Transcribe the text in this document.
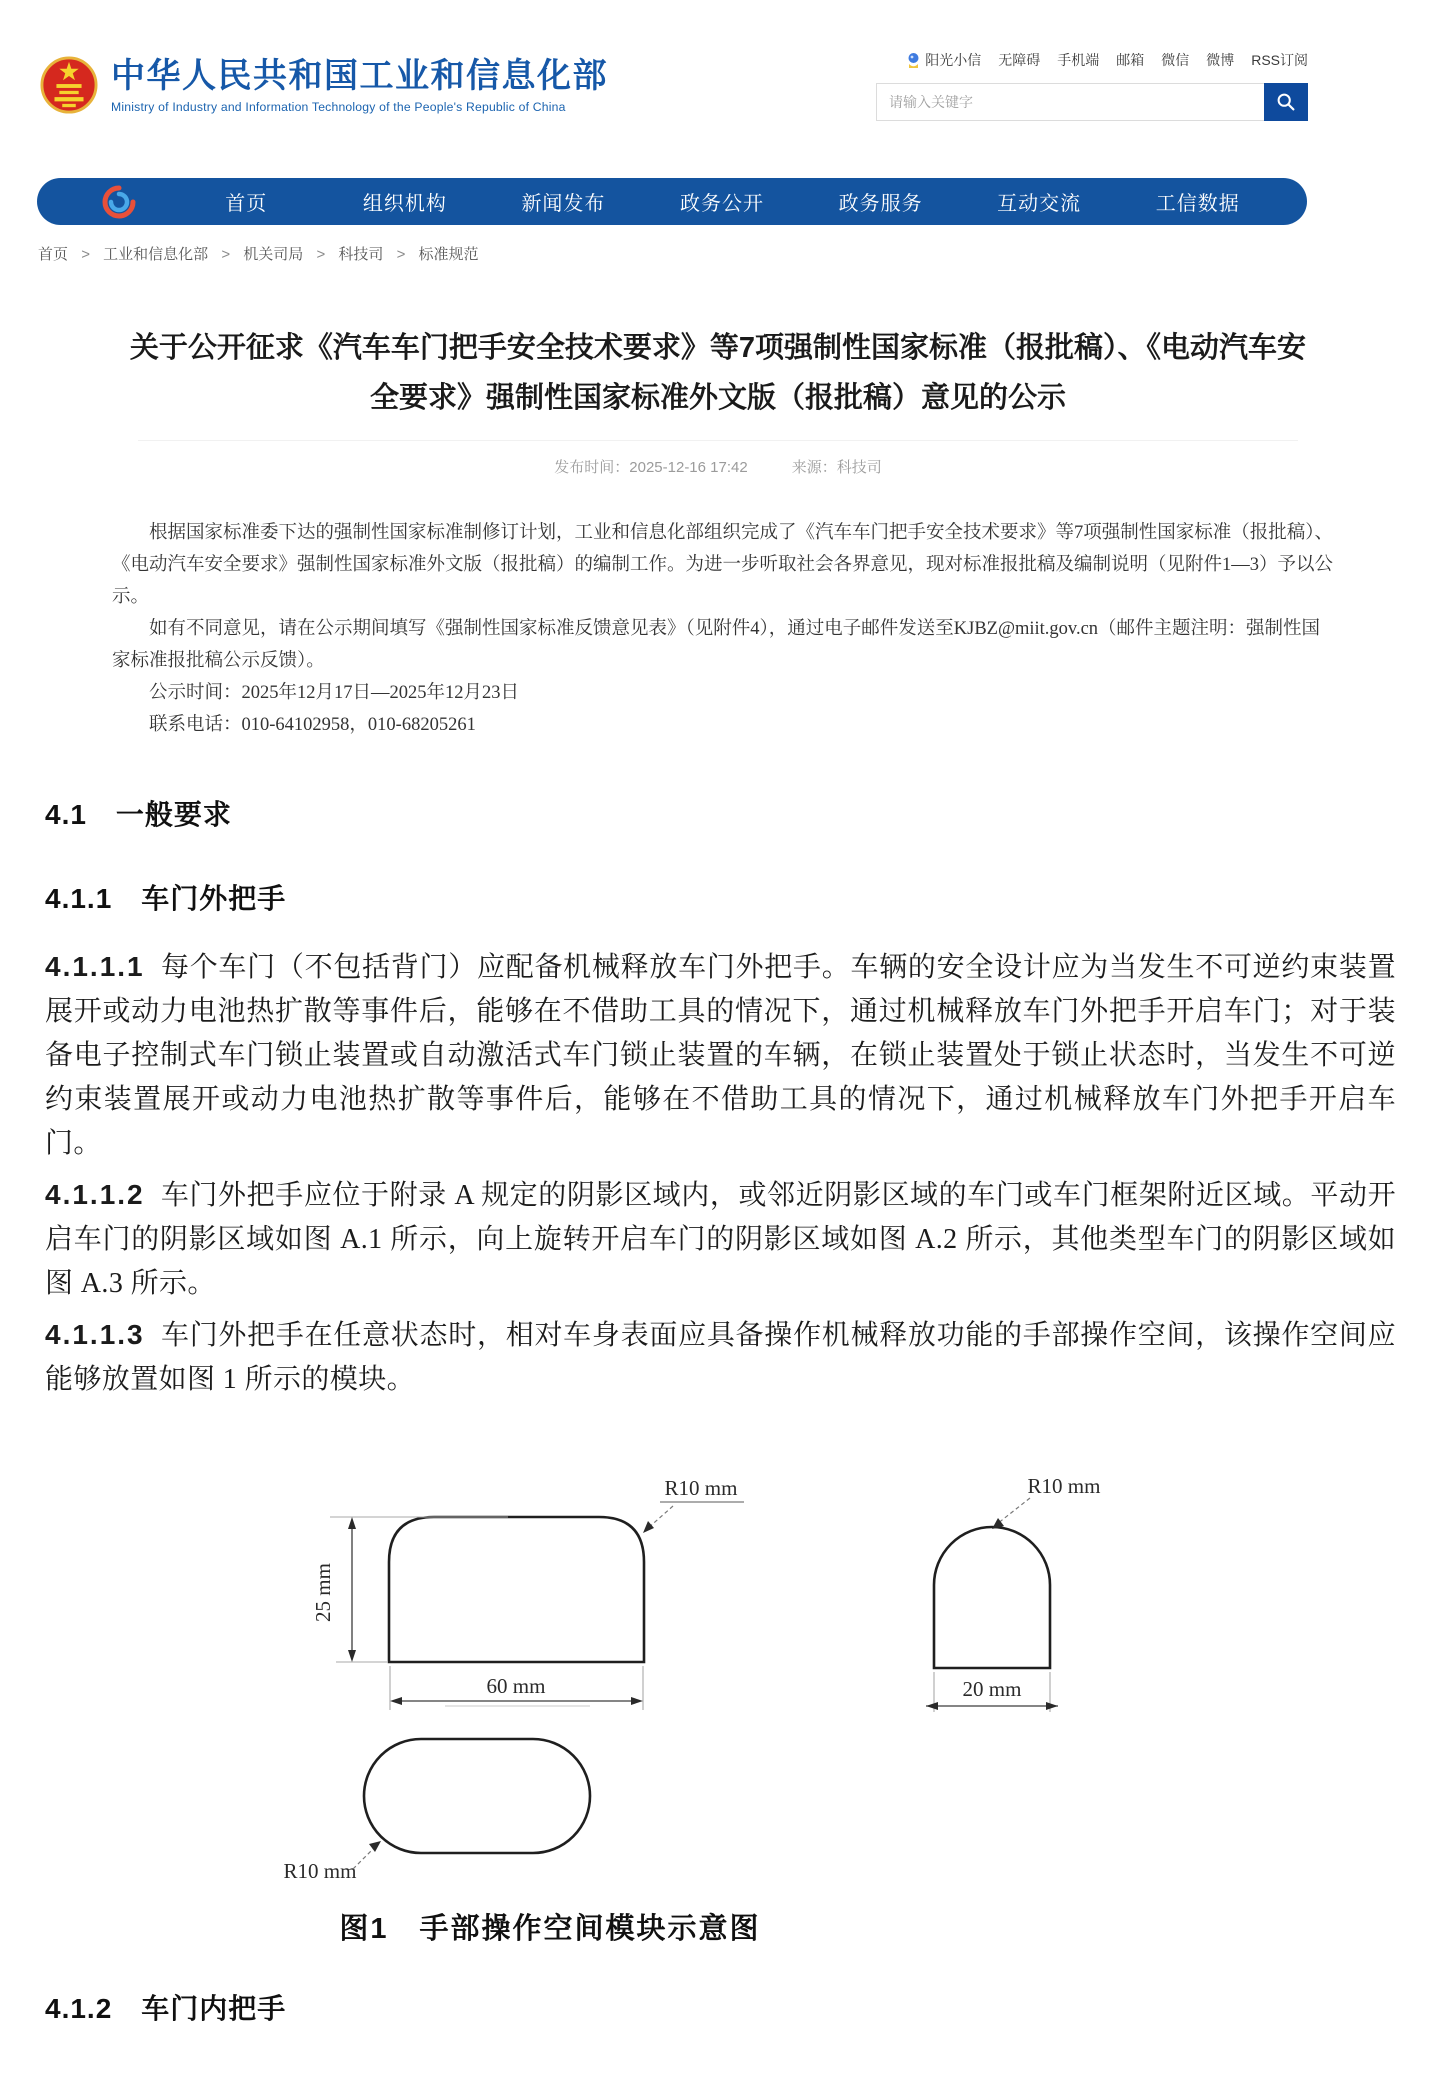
中华人民共和国工业和信息化部
Ministry of Industry and Information Technology of the People's Republic of China
阳光小信 无障碍 手机端 邮箱 微信 微博 RSS订阅
请输入关键字
首页	组织机构	新闻发布	政务公开	政务服务	互动交流	工信数据
首页 > 工业和信息化部 > 机关司局 > 科技司 > 标准规范
关于公开征求《汽车车门把手安全技术要求》等7项强制性国家标准（报批稿）、《电动汽车安全要求》强制性国家标准外文版（报批稿）意见的公示
发布时间：2025-12-16 17:42	来源：科技司

根据国家标准委下达的强制性国家标准制修订计划，工业和信息化部组织完成了《汽车车门把手安全技术要求》等7项强制性国家标准（报批稿）、《电动汽车安全要求》强制性国家标准外文版（报批稿）的编制工作。为进一步听取社会各界意见，现对标准报批稿及编制说明（见附件1—3）予以公示。

如有不同意见，请在公示期间填写《强制性国家标准反馈意见表》（见附件4），通过电子邮件发送至KJBZ@miit.gov.cn（邮件主题注明：强制性国家标准报批稿公示反馈）。

公示时间：2025年12月17日—2025年12月23日

联系电话：010-64102958，010-68205261

4.1　一般要求
4.1.1　车门外把手

4.1.1.1 每个车门（不包括背门）应配备机械释放车门外把手。车辆的安全设计应为当发生不可逆约束装置展开或动力电池热扩散等事件后，能够在不借助工具的情况下，通过机械释放车门外把手开启车门；对于装备电子控制式车门锁止装置或自动激活式车门锁止装置的车辆，在锁止装置处于锁止状态时，当发生不可逆约束装置展开或动力电池热扩散等事件后，能够在不借助工具的情况下，通过机械释放车门外把手开启车门。

4.1.1.2 车门外把手应位于附录 A 规定的阴影区域内，或邻近阴影区域的车门或车门框架附近区域。平动开启车门的阴影区域如图 A.1 所示，向上旋转开启车门的阴影区域如图 A.2 所示，其他类型车门的阴影区域如图 A.3 所示。

4.1.1.3 车门外把手在任意状态时，相对车身表面应具备操作机械释放功能的手部操作空间，该操作空间应能够放置如图 1 所示的模块。

25 mm
60 mm
R10 mm	R10 mm
20 mm
R10 mm
图1　手部操作空间模块示意图
4.1.2　车门内把手
